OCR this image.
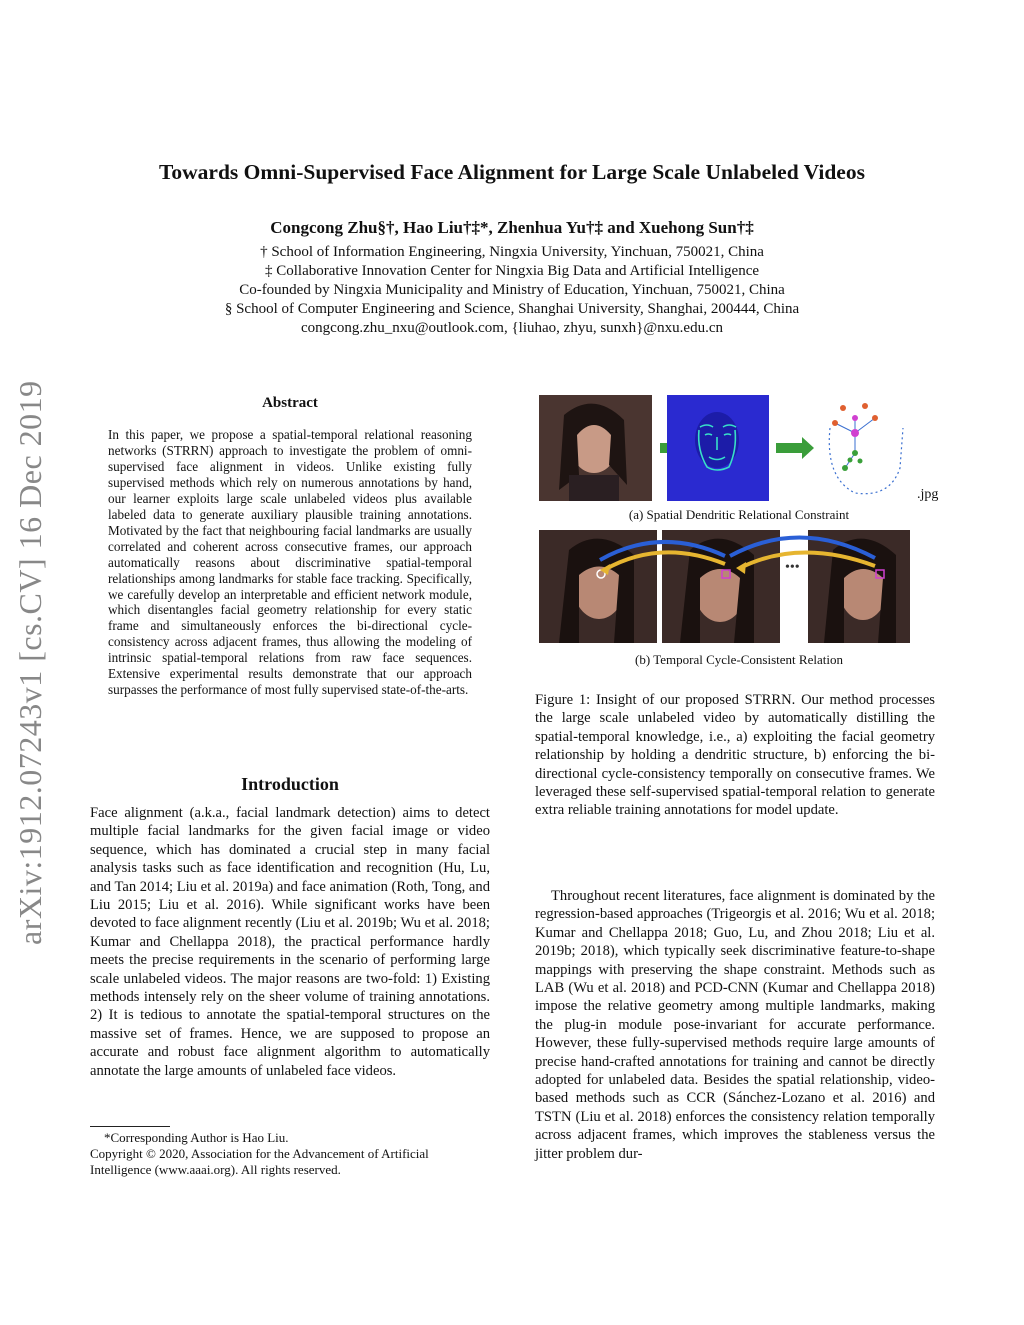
arXiv:1912.07243v1 [cs.CV] 16 Dec 2019
Towards Omni-Supervised Face Alignment for Large Scale Unlabeled Videos
Congcong Zhu§†, Hao Liu†‡*, Zhenhua Yu†‡ and Xuehong Sun†‡
† School of Information Engineering, Ningxia University, Yinchuan, 750021, China
‡ Collaborative Innovation Center for Ningxia Big Data and Artificial Intelligence
Co-founded by Ningxia Municipality and Ministry of Education, Yinchuan, 750021, China
§ School of Computer Engineering and Science, Shanghai University, Shanghai, 200444, China
congcong.zhu_nxu@outlook.com, {liuhao, zhyu, sunxh}@nxu.edu.cn
Abstract
In this paper, we propose a spatial-temporal relational reasoning networks (STRRN) approach to investigate the problem of omni-supervised face alignment in videos. Unlike existing fully supervised methods which rely on numerous annotations by hand, our learner exploits large scale unlabeled videos plus available labeled data to generate auxiliary plausible training annotations. Motivated by the fact that neighbouring facial landmarks are usually correlated and coherent across consecutive frames, our approach automatically reasons about discriminative spatial-temporal relationships among landmarks for stable face tracking. Specifically, we carefully develop an interpretable and efficient network module, which disentangles facial geometry relationship for every static frame and simultaneously enforces the bi-directional cycle-consistency across adjacent frames, thus allowing the modeling of intrinsic spatial-temporal relations from raw face sequences. Extensive experimental results demonstrate that our approach surpasses the performance of most fully supervised state-of-the-arts.
Introduction
Face alignment (a.k.a., facial landmark detection) aims to detect multiple facial landmarks for the given facial image or video sequence, which has dominated a crucial step in many facial analysis tasks such as face identification and recognition (Hu, Lu, and Tan 2014; Liu et al. 2019a) and face animation (Roth, Tong, and Liu 2015; Liu et al. 2016). While significant works have been devoted to face alignment recently (Liu et al. 2019b; Wu et al. 2018; Kumar and Chellappa 2018), the practical performance hardly meets the precise requirements in the scenario of performing large scale unlabeled videos. The major reasons are two-fold: 1) Existing methods intensely rely on the sheer volume of training annotations. 2) It is tedious to annotate the spatial-temporal structures on the massive set of frames. Hence, we are supposed to propose an accurate and robust face alignment algorithm to automatically annotate the large amounts of unlabeled face videos.
*Corresponding Author is Hao Liu.
Copyright © 2020, Association for the Advancement of Artificial Intelligence (www.aaai.org). All rights reserved.
.jpg
(a) Spatial Dendritic Relational Constraint
•••
(b) Temporal Cycle-Consistent Relation
Figure 1: Insight of our proposed STRRN. Our method processes the large scale unlabeled video by automatically distilling the spatial-temporal knowledge, i.e., a) exploiting the facial geometry relationship by holding a dendritic structure, b) enforcing the bi-directional cycle-consistency temporally on consecutive frames. We leveraged these self-supervised spatial-temporal relation to generate extra reliable training annotations for model update.
Throughout recent literatures, face alignment is dominated by the regression-based approaches (Trigeorgis et al. 2016; Wu et al. 2018; Kumar and Chellappa 2018; Guo, Lu, and Zhou 2018; Liu et al. 2019b; 2018), which typically seek discriminative feature-to-shape mappings with preserving the shape constraint. Methods such as LAB (Wu et al. 2018) and PCD-CNN (Kumar and Chellappa 2018) impose the relative geometry among multiple landmarks, making the plug-in module pose-invariant for accurate performance. However, these fully-supervised methods require large amounts of precise hand-crafted annotations for training and cannot be directly adopted for unlabeled data. Besides the spatial relationship, video-based methods such as CCR (Sánchez-Lozano et al. 2016) and TSTN (Liu et al. 2018) enforces the consistency relation temporally across adjacent frames, which improves the stableness versus the jitter problem dur-
